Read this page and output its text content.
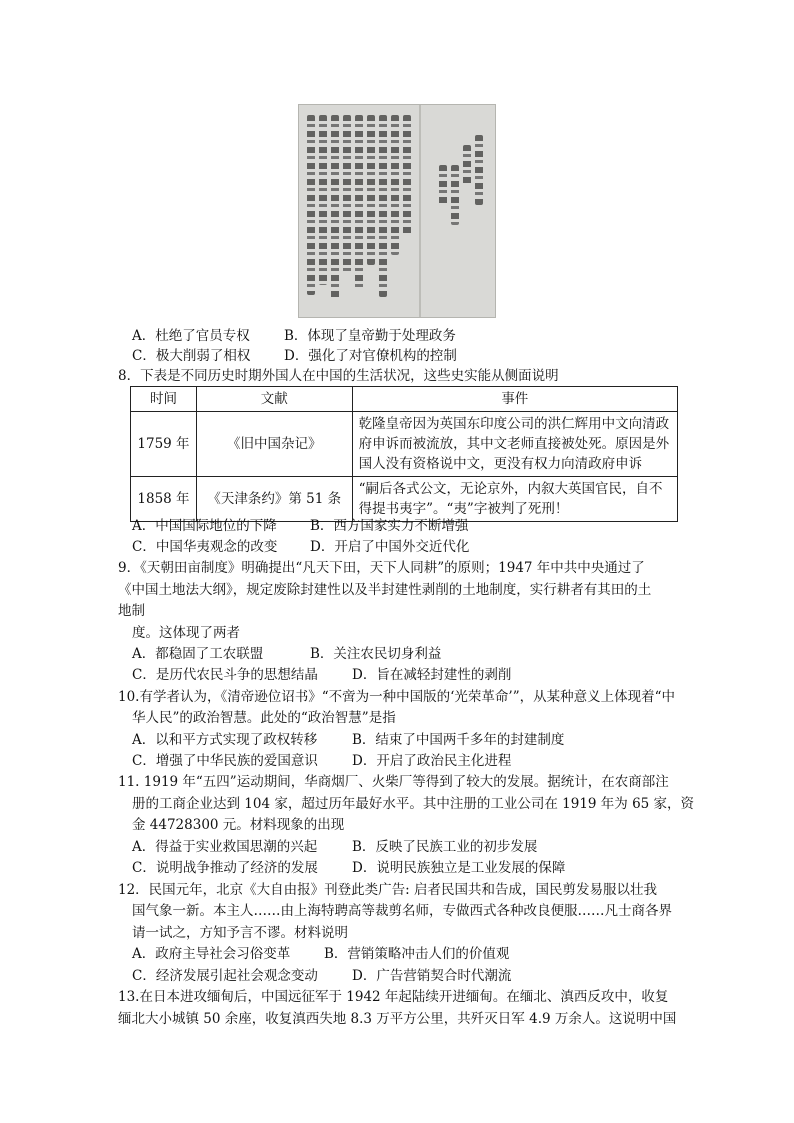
A．杜绝了官员专权	B．体现了皇帝勤于处理政务
C．极大削弱了相权 D．强化了对官僚机构的控制
8．下表是不同历史时期外国人在中国的生活状况，这些史实能从侧面说明
时间	文献	事件
1759 年	《旧中国杂记》	乾隆皇帝因为英国东印度公司的洪仁辉用中文向清政府申诉而被流放，其中文老师直接被处死。原因是外国人没有资格说中文，更没有权力向清政府申诉
1858 年	《天津条约》第 51 条	“嗣后各式公文，无论京外，内叙大英国官民，自不得提书夷字”。“夷”字被判了死刑！
A．中国国际地位的下降 B．西方国家实力不断增强
C．中国华夷观念的改变 D．开启了中国外交近代化
9．《天朝田亩制度》明确提出“凡天下田，天下人同耕”的原则；1947 年中共中央通过了
《中国土地法大纲》，规定废除封建性以及半封建性剥削的土地制度，实行耕者有其田的土
地制
度。这体现了两者
A．都稳固了工农联盟	B．关注农民切身利益
C．是历代农民斗争的思想结晶	D．旨在减轻封建性的剥削
10.有学者认为，《清帝逊位诏书》“不啻为一种中国版的‘光荣革命’”，从某种意义上体现着“中
华人民”的政治智慧。此处的“政治智慧”是指
A．以和平方式实现了政权转移	B．结束了中国两千多年的封建制度
C．增强了中华民族的爱国意识	D．开启了政治民主化进程
11. 1919 年“五四”运动期间，华商烟厂、火柴厂等得到了较大的发展。据统计，在农商部注
册的工商企业达到 104 家，超过历年最好水平。其中注册的工业公司在 1919 年为 65 家，资
金 44728300 元。材料现象的出现
A．得益于实业救国思潮的兴起	B．反映了民族工业的初步发展
C．说明战争推动了经济的发展	D．说明民族独立是工业发展的保障
12．民国元年，北京《大自由报》刊登此类广告: 启者民国共和告成，国民剪发易服以壮我
国气象一新。本主人……由上海特聘高等裁剪名师，专做西式各种改良便服……凡士商各界
请一试之，方知予言不谬。材料说明
A．政府主导社会习俗变革	B．营销策略冲击人们的价值观
C．经济发展引起社会观念变动	D．广告营销契合时代潮流
13.在日本进攻缅甸后，中国远征军于 1942 年起陆续开进缅甸。在缅北、滇西反攻中，收复
缅北大小城镇 50 余座，收复滇西失地 8.3 万平方公里，共歼灭日军 4.9 万余人。这说明中国
